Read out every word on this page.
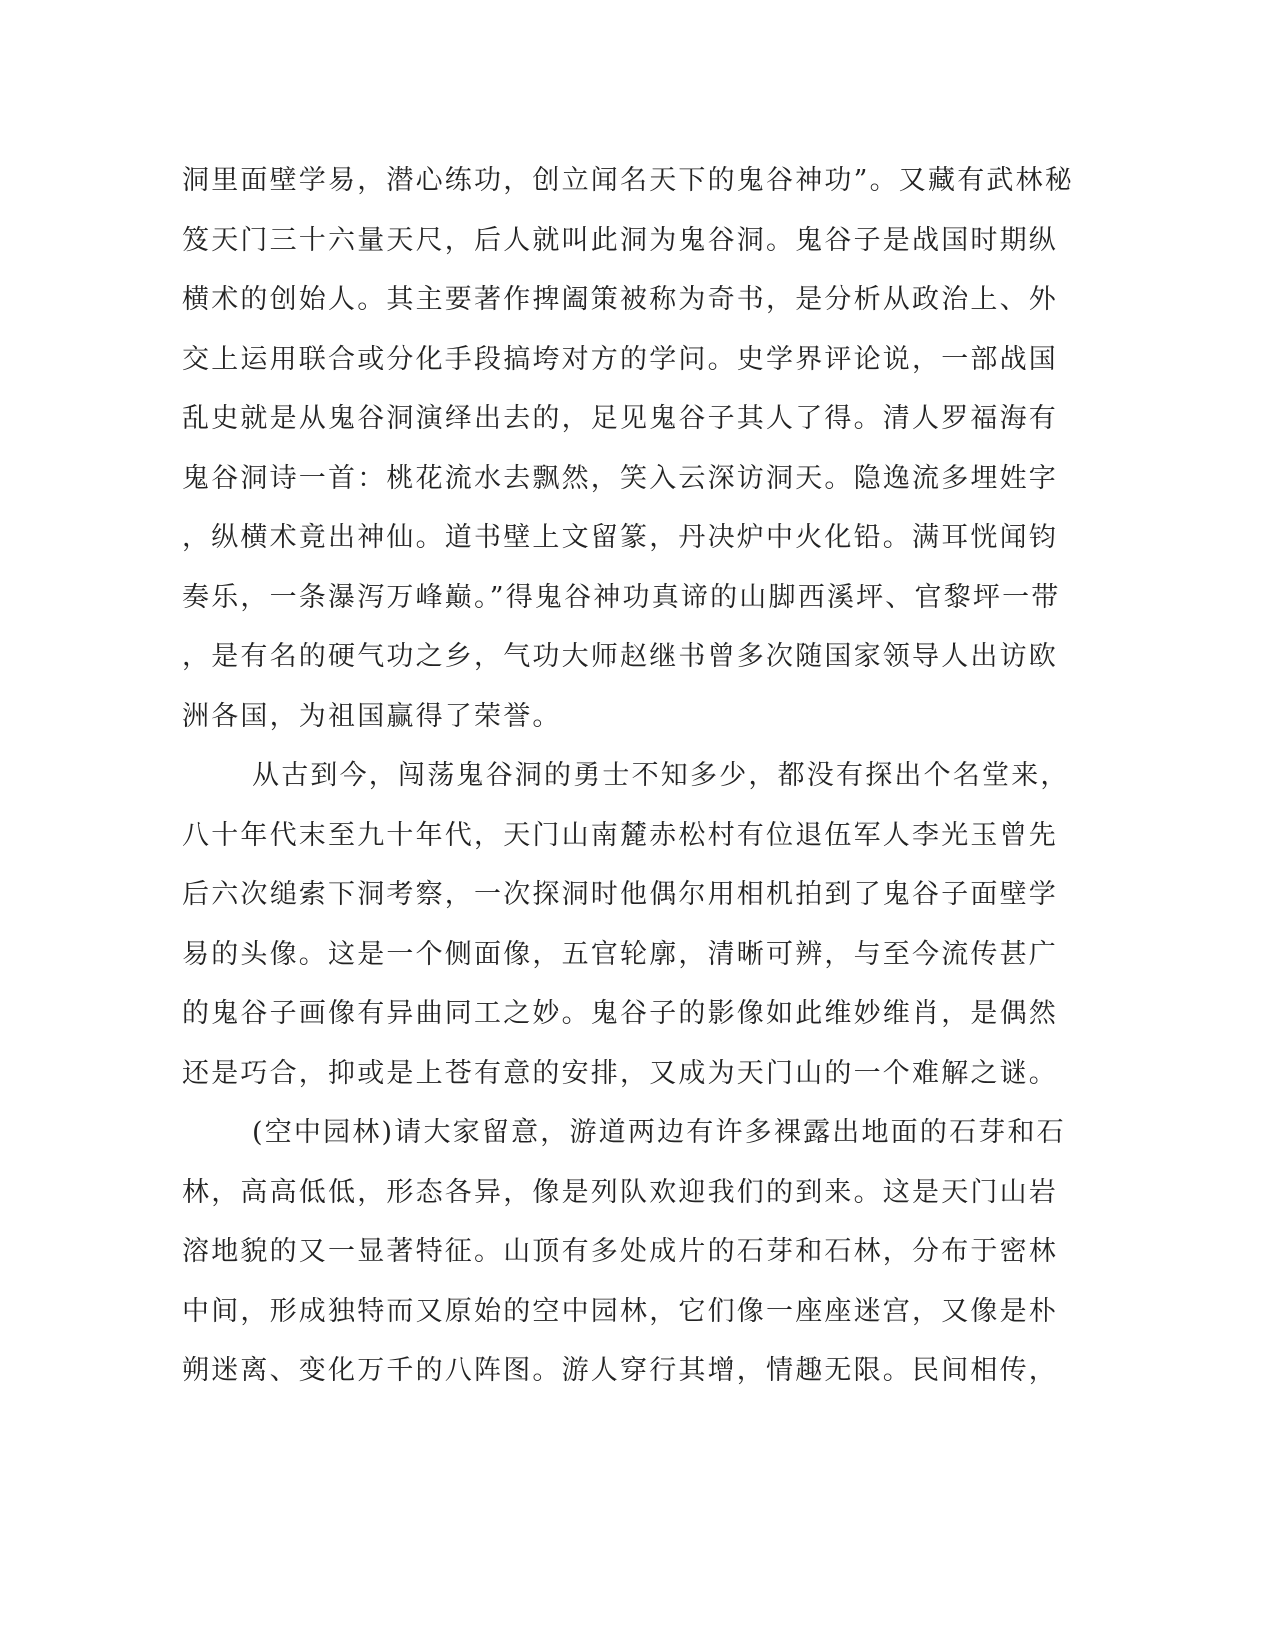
洞里面壁学易，潜心练功，创立闻名天下的鬼谷神功”。又藏有武林秘
笈天门三十六量天尺，后人就叫此洞为鬼谷洞。鬼谷子是战国时期纵
横术的创始人。其主要著作捭阖策被称为奇书，是分析从政治上、外
交上运用联合或分化手段搞垮对方的学问。史学界评论说，一部战国
乱史就是从鬼谷洞演绎出去的，足见鬼谷子其人了得。清人罗福海有
鬼谷洞诗一首：桃花流水去飘然，笑入云深访洞天。隐逸流多埋姓字
，纵横术竟出神仙。道书壁上文留篆，丹决炉中火化铅。满耳恍闻钧
奏乐，一条瀑泻万峰巅。”得鬼谷神功真谛的山脚西溪坪、官黎坪一带
，是有名的硬气功之乡，气功大师赵继书曾多次随国家领导人出访欧
洲各国，为祖国赢得了荣誉。
从古到今，闯荡鬼谷洞的勇士不知多少，都没有探出个名堂来，
八十年代末至九十年代，天门山南麓赤松村有位退伍军人李光玉曾先
后六次缒索下洞考察，一次探洞时他偶尔用相机拍到了鬼谷子面壁学
易的头像。这是一个侧面像，五官轮廓，清晰可辨，与至今流传甚广
的鬼谷子画像有异曲同工之妙。鬼谷子的影像如此维妙维肖，是偶然
还是巧合，抑或是上苍有意的安排，又成为天门山的一个难解之谜。
(空中园林)请大家留意，游道两边有许多裸露出地面的石芽和石
林，高高低低，形态各异，像是列队欢迎我们的到来。这是天门山岩
溶地貌的又一显著特征。山顶有多处成片的石芽和石林，分布于密林
中间，形成独特而又原始的空中园林，它们像一座座迷宫，又像是朴
朔迷离、变化万千的八阵图。游人穿行其增，情趣无限。民间相传，
